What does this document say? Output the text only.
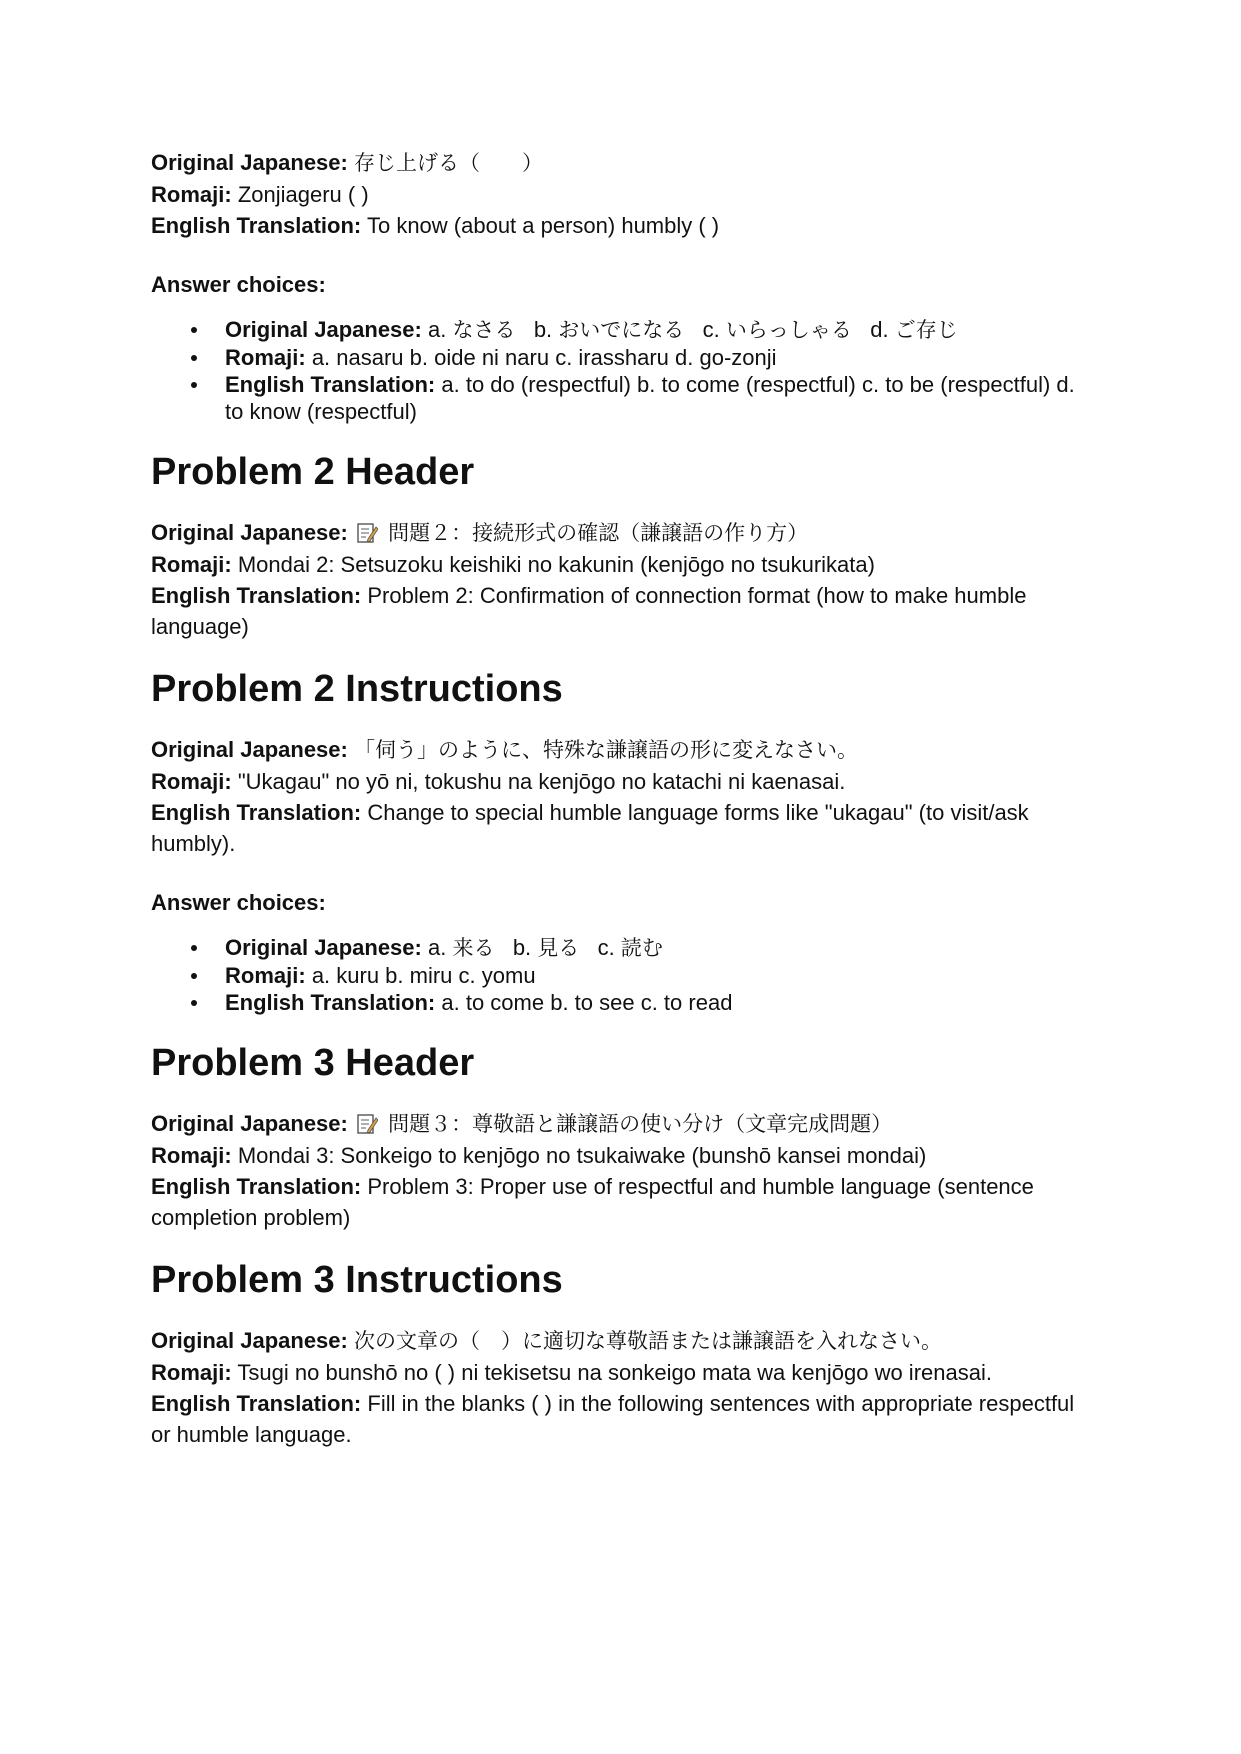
Original Japanese: 存じ上げる（　　）

Romaji: Zonjiageru ( )

English Translation: To know (about a person) humbly ( )

Answer choices:

Original Japanese: a. なさる b. おいでになる c. いらっしゃる d. ご存じ
Romaji: a. nasaru b. oide ni naru c. irassharu d. go-zonji
English Translation: a. to do (respectful) b. to come (respectful) c. to be (respectful) d. to know (respectful)
Problem 2 Header

Original Japanese: 問題２：接続形式の確認（謙譲語の作り方）

Romaji: Mondai 2: Setsuzoku keishiki no kakunin (kenjōgo no tsukurikata)

English Translation: Problem 2: Confirmation of connection format (how to make humble language)

Problem 2 Instructions

Original Japanese: 「伺う」のように、特殊な謙譲語の形に変えなさい。

Romaji: "Ukagau" no yō ni, tokushu na kenjōgo no katachi ni kaenasai.

English Translation: Change to special humble language forms like "ukagau" (to visit/ask humbly).

Answer choices:

Original Japanese: a. 来る b. 見る c. 読む
Romaji: a. kuru b. miru c. yomu
English Translation: a. to come b. to see c. to read
Problem 3 Header

Original Japanese: 問題３：尊敬語と謙譲語の使い分け（文章完成問題）

Romaji: Mondai 3: Sonkeigo to kenjōgo no tsukaiwake (bunshō kansei mondai)

English Translation: Problem 3: Proper use of respectful and humble language (sentence completion problem)

Problem 3 Instructions

Original Japanese: 次の文章の（　）に適切な尊敬語または謙譲語を入れなさい。

Romaji: Tsugi no bunshō no ( ) ni tekisetsu na sonkeigo mata wa kenjōgo wo irenasai.

English Translation: Fill in the blanks ( ) in the following sentences with appropriate respectful or humble language.
